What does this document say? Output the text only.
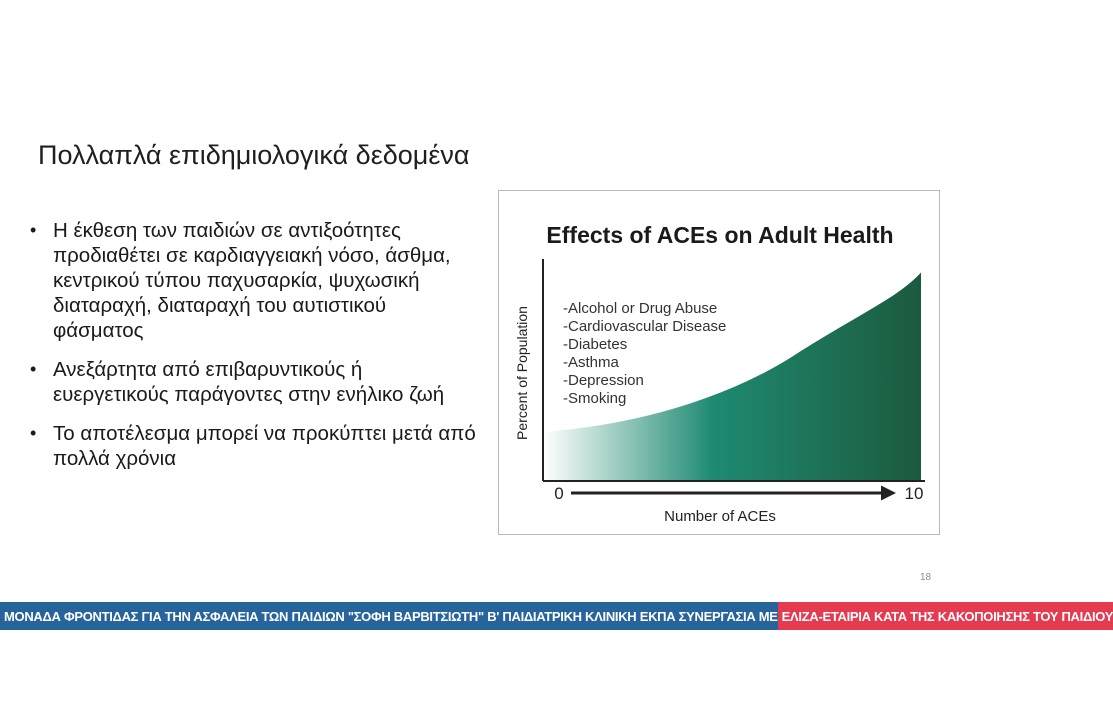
Πολλαπλά επιδημιολογικά δεδομένα
• Η έκθεση των παιδιών σε αντιξοότητες προδιαθέτει σε καρδιαγγειακή νόσο, άσθμα, κεντρικού τύπου παχυσαρκία, ψυχωσική διαταραχή, διαταραχή του αυτιστικού φάσματος
• Ανεξάρτητα από επιβαρυντικούς ή ευεργετικούς παράγοντες στην ενήλικο ζωή
• Το αποτέλεσμα μπορεί να προκύπτει μετά από πολλά χρόνια
Effects of ACEs on Adult Health
0	10
Number of ACEs
Percent of Population -Alcohol or Drug Abuse
-Cardiovascular Disease
-Diabetes
-Asthma
-Depression
-Smoking
18
ΜΟΝΑΔΑ ΦΡΟΝΤΙΔΑΣ ΓΙΑ ΤΗΝ ΑΣΦΑΛΕΙΑ ΤΩΝ ΠΑΙΔΙΩΝ "ΣΟΦΗ ΒΑΡΒΙΤΣΙΩΤΗ" Β' ΠΑΙΔΙΑΤΡΙΚΗ ΚΛΙΝΙΚΗ ΕΚΠΑ ΣΥΝΕΡΓΑΣΙΑ ΜΕ ΕΛΙΖΑ-ΕΤΑΙΡΙΑ ΚΑΤΑ ΤΗΣ ΚΑΚΟΠΟΙΗΣΗΣ ΤΟΥ ΠΑΙΔΙΟΥ
